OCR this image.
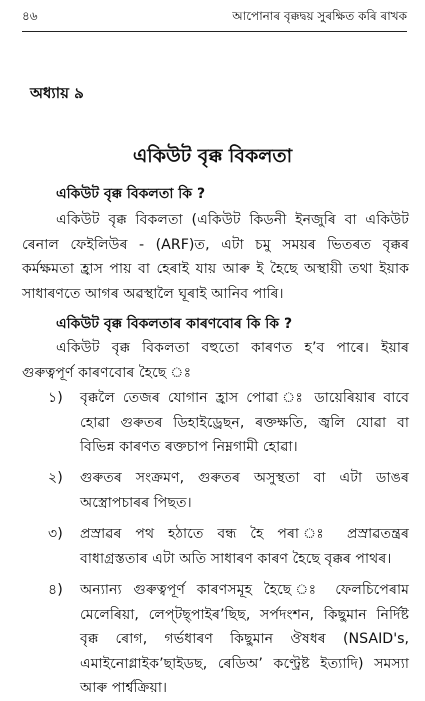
৪৬	আপোনাৰ বৃক্কদ্বয় সুৰক্ষিত কৰি ৰাখক
অধ্যায় ৯
একিউট বৃক্ক বিকলতা
একিউট বৃক্ক বিকলতা কি ?

একিউট বৃক্ক বিকলতা (একিউট কিডনী ইনজুৰি বা একিউট ৰেনাল ফেইলিউৰ - (ARF)ত, এটা চমু সময়ৰ ভিতৰত বৃক্কৰ কৰ্মক্ষমতা হ্ৰাস পায় বা হেৰাই যায় আৰু ই হৈছে অস্থায়ী তথা ইয়াক সাধাৰণতে আগৰ অৱস্থালৈ ঘূৰাই আনিব পাৰি।

একিউট বৃক্ক বিকলতাৰ কাৰণবোৰ কি কি ?

একিউট বৃক্ক বিকলতা বহুতো কাৰণত হ’ব পাৰে। ইয়াৰ গুৰুত্বপূৰ্ণ কাৰণবোৰ হৈছে ঃ

১)	বৃক্কলৈ তেজৰ যোগান হ্ৰাস পোৱা ঃ ডায়েৰিয়াৰ বাবে হোৱা গুৰুতৰ ডিহাইড্ৰেছন, ৰক্তক্ষতি, জ্বলি যোৱা বা বিভিন্ন কাৰণত ৰক্তচাপ নিম্নগামী হোৱা।
২)	গুৰুতৰ সংক্ৰমণ, গুৰুতৰ অসুস্থতা বা এটা ডাঙৰ অস্ত্ৰোপচাৰৰ পিছত।
৩)	প্ৰস্ৰাৱৰ পথ হঠাতে বন্ধ হৈ পৰা ঃ প্ৰস্ৰাৱতন্ত্ৰৰ বাধাগ্ৰস্ততাৰ এটা অতি সাধাৰণ কাৰণ হৈছে বৃক্কৰ পাথৰ।
৪)	অন্যান্য গুৰুত্বপূৰ্ণ কাৰণসমূহ হৈছে ঃ ফেলচিপেৰাম মেলেৰিয়া, লেপ্‌টছ্‌পাইৰ’ছিছ, সৰ্পদংশন, কিছুমান নিৰ্দিষ্ট বৃক্ক ৰোগ, গৰ্ভধাৰণ কিছুমান ঔষধৰ (NSAID's, এমাইনোগ্লাইক’ছাইডছ, ৰেডিঅ’ কণ্ট্ৰেষ্ট ইত্যাদি) সমস্যা আৰু পাৰ্শ্বক্ৰিয়া।
